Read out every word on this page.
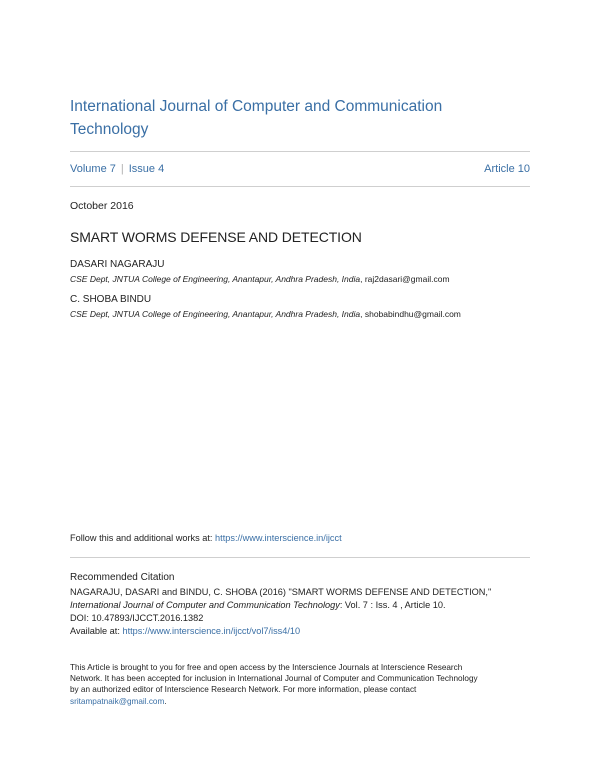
International Journal of Computer and Communication
Technology
Volume 7 | Issue 4	Article 10
October 2016
SMART WORMS DEFENSE AND DETECTION
DASARI NAGARAJU
CSE Dept, JNTUA College of Engineering, Anantapur, Andhra Pradesh, India, raj2dasari@gmail.com
C. SHOBA BINDU
CSE Dept, JNTUA College of Engineering, Anantapur, Andhra Pradesh, India, shobabindhu@gmail.com
Follow this and additional works at: https://www.interscience.in/ijcct
Recommended Citation
NAGARAJU, DASARI and BINDU, C. SHOBA (2016) "SMART WORMS DEFENSE AND DETECTION,"
International Journal of Computer and Communication Technology: Vol. 7 : Iss. 4 , Article 10.
DOI: 10.47893/IJCCT.2016.1382
Available at: https://www.interscience.in/ijcct/vol7/iss4/10
This Article is brought to you for free and open access by the Interscience Journals at Interscience Research
Network. It has been accepted for inclusion in International Journal of Computer and Communication Technology
by an authorized editor of Interscience Research Network. For more information, please contact
sritampatnaik@gmail.com.
